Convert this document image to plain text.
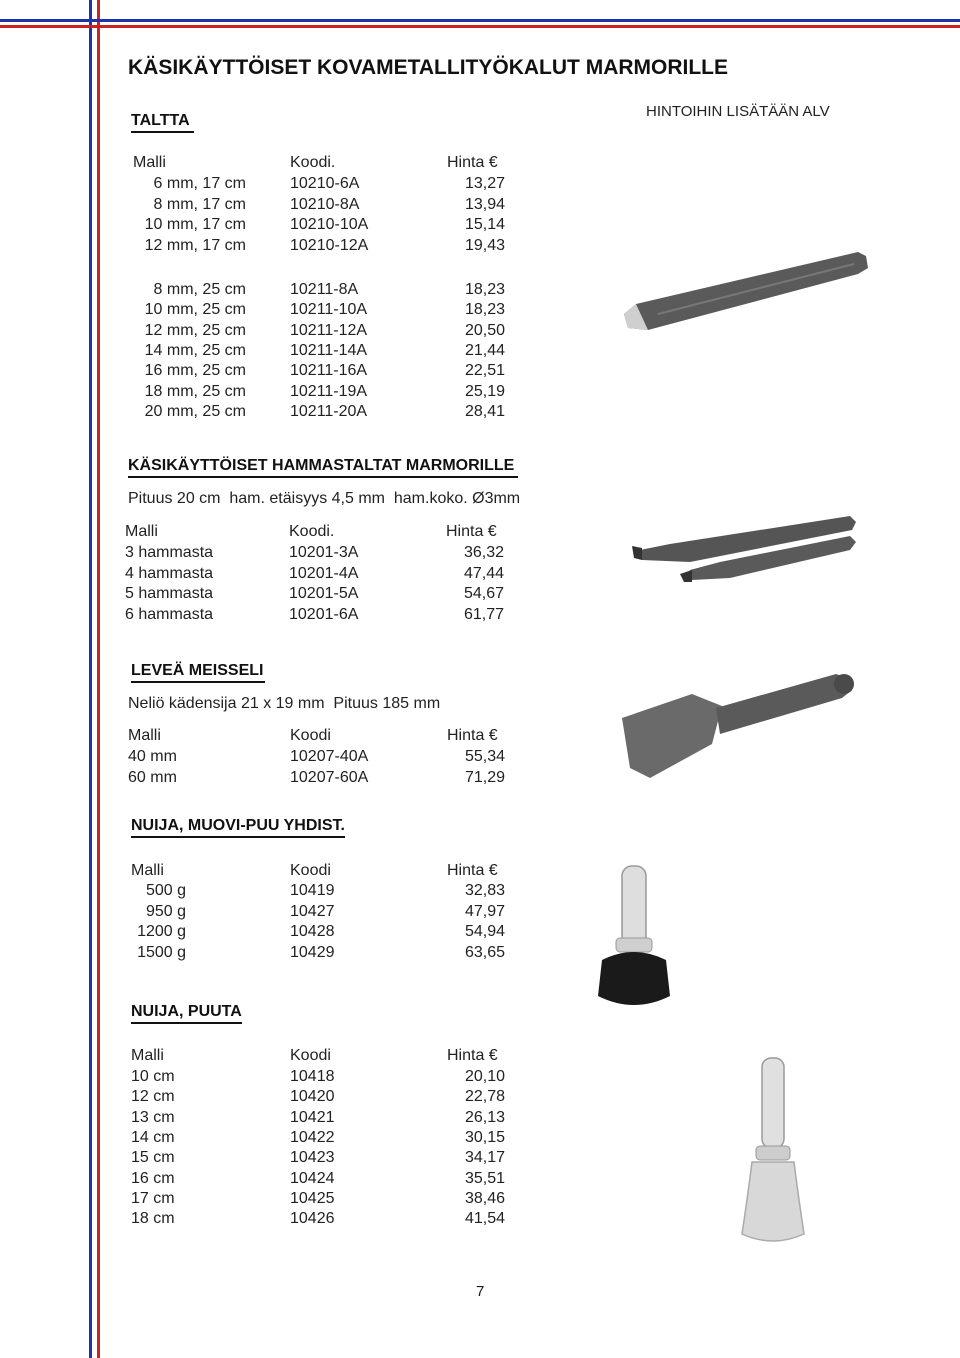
KÄSIKÄYTTÖISET KOVAMETALLITYÖKALUT MARMORILLE
TALTTA
HINTOIHIN LISÄTÄÄN ALV
Malli	Koodi.	Hinta €
6 mm, 17 cm	10210-6A	13,27
8 mm, 17 cm	10210-8A	13,94
10 mm, 17 cm	10210-10A	15,14
12 mm, 17 cm	10210-12A	19,43
8 mm, 25 cm	10211-8A	18,23
10 mm, 25 cm	10211-10A	18,23
12 mm, 25 cm	10211-12A	20,50
14 mm, 25 cm	10211-14A	21,44
16 mm, 25 cm	10211-16A	22,51
18 mm, 25 cm	10211-19A	25,19
20 mm, 25 cm	10211-20A	28,41
KÄSIKÄYTTÖISET HAMMASTALTAT MARMORILLE
Pituus 20 cm  ham. etäisyys 4,5 mm  ham.koko. Ø3mm
Malli	Koodi.	Hinta €
3 hammasta	10201-3A	36,32
4 hammasta	10201-4A	47,44
5 hammasta	10201-5A	54,67
6 hammasta	10201-6A	61,77
LEVEÄ MEISSELI
Neliö kädensija 21 x 19 mm  Pituus 185 mm
Malli	Koodi	Hinta €
40 mm	10207-40A	55,34
60 mm	10207-60A	71,29
NUIJA, MUOVI-PUU YHDIST.
Malli	Koodi	Hinta €
500 g	10419	32,83
950 g	10427	47,97
1200 g	10428	54,94
1500 g	10429	63,65
NUIJA, PUUTA
Malli	Koodi	Hinta €
10 cm	10418	20,10
12 cm	10420	22,78
13 cm	10421	26,13
14 cm	10422	30,15
15 cm	10423	34,17
16 cm	10424	35,51
17 cm	10425	38,46
18 cm	10426	41,54
7
